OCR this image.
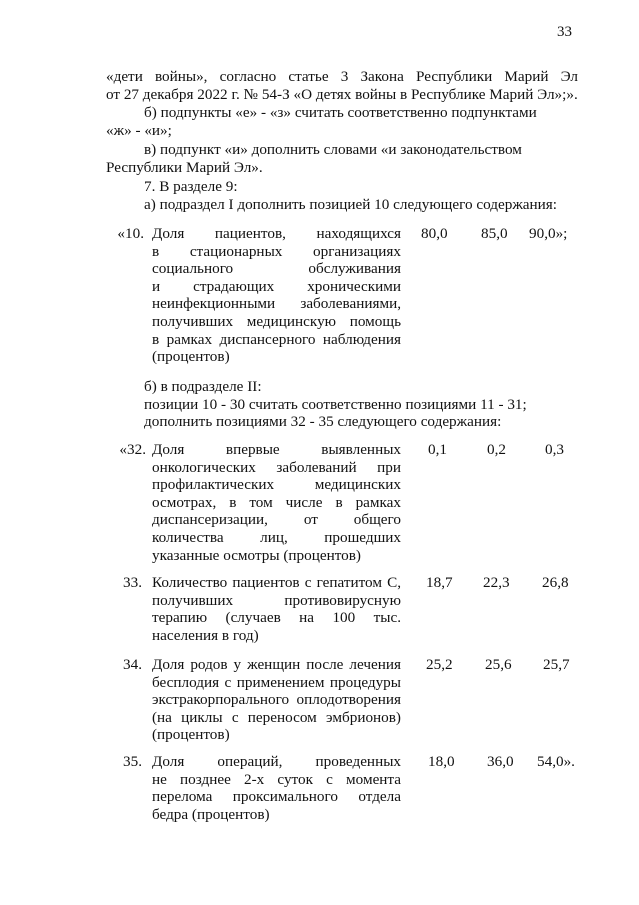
33
«дети войны», согласно статье 3 Закона Республики Марий Эл
от 27 декабря 2022 г. № 54-З «О детях войны в Республике Марий Эл»;».
б) подпункты «е» - «з» считать соответственно подпунктами
«ж» - «и»;
в) подпункт «и» дополнить словами «и законодательством
Республики Марий Эл».
7. В разделе 9:
а) подраздел I дополнить позицией 10 следующего содержания:
«10. Доля пациентов, находящихся
в стационарных организациях
социального обслуживания
и страдающих хроническими
неинфекционными заболеваниями,
получивших медицинскую помощь
в рамках диспансерного наблюдения
(процентов)
80,0 85,0 90,0»;
б) в подразделе II:
позиции 10 - 30 считать соответственно позициями 11 - 31;
дополнить позициями 32 - 35 следующего содержания:
«32. Доля впервые выявленных
онкологических заболеваний при
профилактических медицинских
осмотрах, в том числе в рамках
диспансеризации, от общего
количества лиц, прошедших
указанные осмотры (процентов)
0,1	0,2	0,3
33. Количество пациентов с гепатитом С,
получивших противовирусную
терапию (случаев на 100 тыс.
населения в год)
18,7 22,3 26,8
34. Доля родов у женщин после лечения
бесплодия с применением процедуры
экстракорпорального оплодотворения
(на циклы с переносом эмбрионов)
(процентов)
25,2 25,6 25,7
35. Доля операций, проведенных
не позднее 2-х суток с момента
перелома проксимального отдела
бедра (процентов)
18,0 36,0 54,0».
